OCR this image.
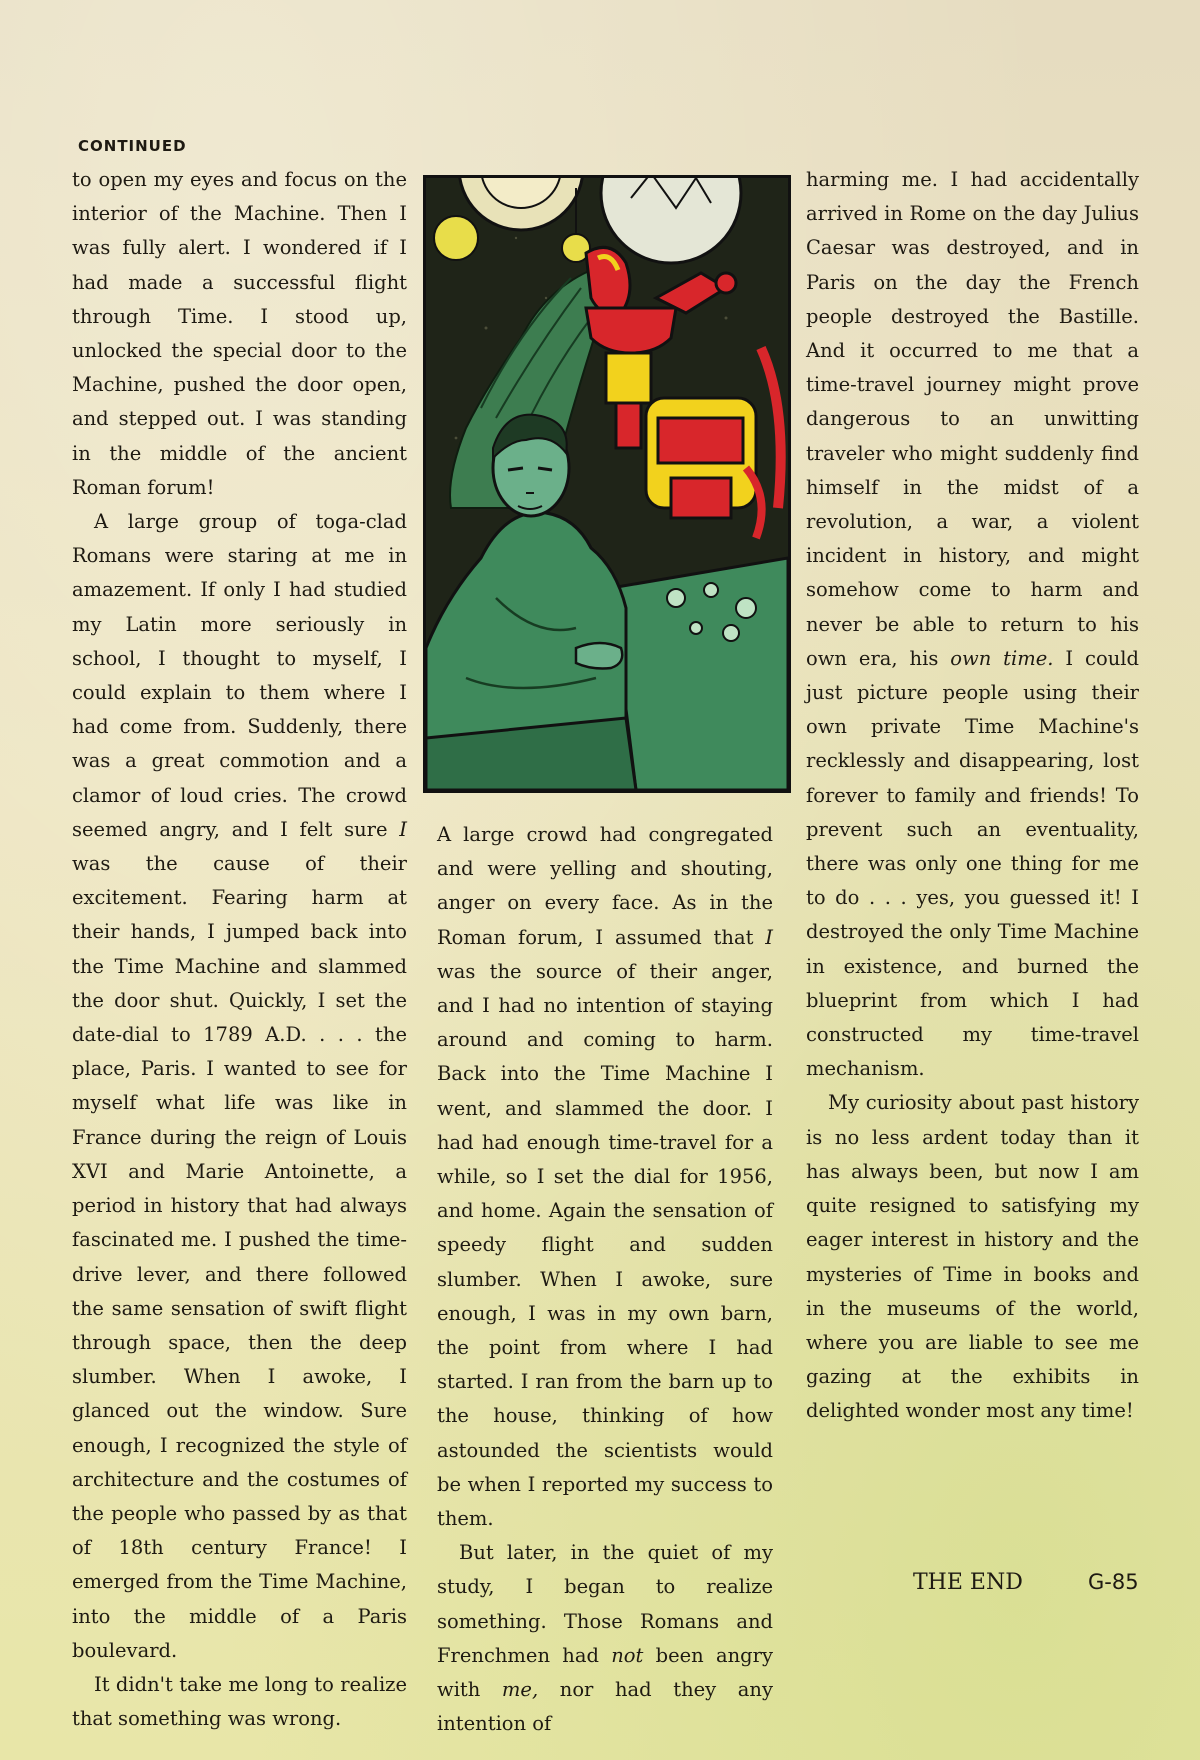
CONTINUED

to open my eyes and focus on the interior of the Machine. Then I was fully alert. I wondered if I had made a successful flight through Time. I stood up, unlocked the special door to the Machine, pushed the door open, and stepped out. I was standing in the middle of the ancient Roman forum!

A large group of toga-clad Romans were staring at me in amazement. If only I had studied my Latin more seriously in school, I thought to myself, I could explain to them where I had come from. Suddenly, there was a great commotion and a clamor of loud cries. The crowd seemed angry, and I felt sure I was the cause of their excitement. Fearing harm at their hands, I jumped back into the Time Machine and slammed the door shut. Quickly, I set the date-dial to 1789 A.D. . . . the place, Paris. I wanted to see for myself what life was like in France during the reign of Louis XVI and Marie Antoinette, a period in history that had always fascinated me. I pushed the time-drive lever, and there followed the same sensation of swift flight through space, then the deep slumber. When I awoke, I glanced out the window. Sure enough, I recognized the style of architecture and the costumes of the people who passed by as that of 18th century France! I emerged from the Time Machine, into the middle of a Paris boulevard.

It didn't take me long to realize that something was wrong.

A large crowd had congregated and were yelling and shouting, anger on every face. As in the Roman forum, I assumed that I was the source of their anger, and I had no intention of staying around and coming to harm. Back into the Time Machine I went, and slammed the door. I had had enough time-travel for a while, so I set the dial for 1956, and home. Again the sensation of speedy flight and sudden slumber. When I awoke, sure enough, I was in my own barn, the point from where I had started. I ran from the barn up to the house, thinking of how astounded the scientists would be when I reported my success to them.

But later, in the quiet of my study, I began to realize something. Those Romans and Frenchmen had not been angry with me, nor had they any intention of

harming me. I had accidentally arrived in Rome on the day Julius Caesar was destroyed, and in Paris on the day the French people destroyed the Bastille. And it occurred to me that a time-travel journey might prove dangerous to an unwitting traveler who might suddenly find himself in the midst of a revolution, a war, a violent incident in history, and might somehow come to harm and never be able to return to his own era, his own time. I could just picture people using their own private Time Machine's recklessly and disappearing, lost forever to family and friends! To prevent such an eventuality, there was only one thing for me to do . . . yes, you guessed it! I destroyed the only Time Machine in existence, and burned the blueprint from which I had constructed my time-travel mechanism.

My curiosity about past history is no less ardent today than it has always been, but now I am quite resigned to satisfying my eager interest in history and the mysteries of Time in books and in the museums of the world, where you are liable to see me gazing at the exhibits in delighted wonder most any time!

THE END	G-85
